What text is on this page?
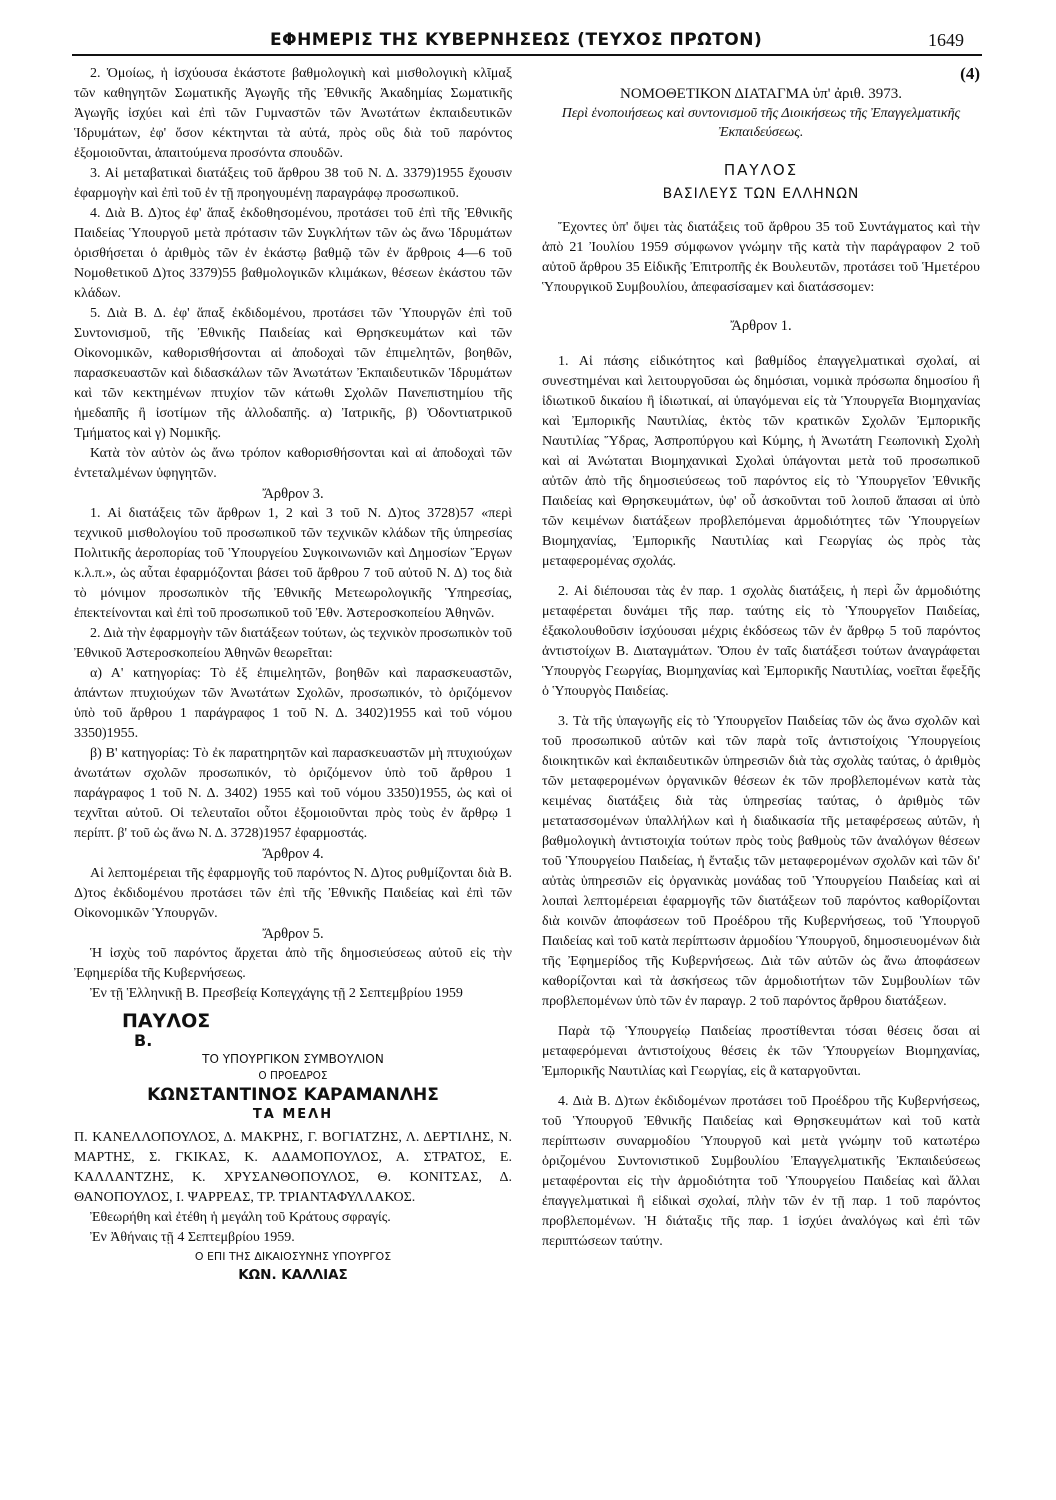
ΕΦΗΜΕΡΙΣ ΤΗΣ ΚΥΒΕΡΝΗΣΕΩΣ (ΤΕΥΧΟΣ ΠΡΩΤΟΝ)	1649

2. Ὁμοίως, ἡ ἰσχύουσα ἑκάστοτε βαθμολογικὴ καὶ μισθολογικὴ κλῖμαξ τῶν καθηγητῶν Σωματικῆς Ἀγωγῆς τῆς Ἐθνικῆς Ἀκαδημίας Σωματικῆς Ἀγωγῆς ἰσχύει καὶ ἐπὶ τῶν Γυμναστῶν τῶν Ἀνωτάτων ἐκπαιδευτικῶν Ἱδρυμάτων, ἐφ' ὅσον κέκτηνται τὰ αὐτά, πρὸς οὓς διὰ τοῦ παρόντος ἐξομοιοῦνται, ἀπαιτούμενα προσόντα σπουδῶν.

3. Αἱ μεταβατικαὶ διατάξεις τοῦ ἄρθρου 38 τοῦ Ν. Δ. 3379)1955 ἔχουσιν ἐφαρμογὴν καὶ ἐπὶ τοῦ ἐν τῇ προηγουμένῃ παραγράφῳ προσωπικοῦ.

4. Διὰ Β. Δ)τος ἐφ' ἅπαξ ἐκδοθησομένου, προτάσει τοῦ ἐπὶ τῆς Ἐθνικῆς Παιδείας Ὑπουργοῦ μετὰ πρότασιν τῶν Συγκλήτων τῶν ὡς ἄνω Ἱδρυμάτων ὁρισθήσεται ὁ ἀριθμὸς τῶν ἐν ἑκάστῳ βαθμῷ τῶν ἐν ἄρθροις 4—6 τοῦ Νομοθετικοῦ Δ)τος 3379)55 βαθμολογικῶν κλιμάκων, θέσεων ἑκάστου τῶν κλάδων.

5. Διὰ Β. Δ. ἐφ' ἅπαξ ἐκδιδομένου, προτάσει τῶν Ὑπουργῶν ἐπὶ τοῦ Συντονισμοῦ, τῆς Ἐθνικῆς Παιδείας καὶ Θρησκευμάτων καὶ τῶν Οἰκονομικῶν, καθορισθήσονται αἱ ἀποδοχαὶ τῶν ἐπιμελητῶν, βοηθῶν, παρασκευαστῶν καὶ διδασκάλων τῶν Ἀνωτάτων Ἐκπαιδευτικῶν Ἱδρυμάτων καὶ τῶν κεκτημένων πτυχίον τῶν κάτωθι Σχολῶν Πανεπιστημίου τῆς ἡμεδαπῆς ἢ ἰσοτίμων τῆς ἀλλοδαπῆς. α) Ἰατρικῆς, β) Ὀδοντιατρικοῦ Τμήματος καὶ γ) Νομικῆς.

Κατὰ τὸν αὐτὸν ὡς ἄνω τρόπον καθορισθήσονται καὶ αἱ ἀποδοχαὶ τῶν ἐντεταλμένων ὑφηγητῶν.

Ἄρθρον 3.

1. Αἱ διατάξεις τῶν ἄρθρων 1, 2 καὶ 3 τοῦ Ν. Δ)τος 3728)57 «περὶ τεχνικοῦ μισθολογίου τοῦ προσωπικοῦ τῶν τεχνικῶν κλάδων τῆς ὑπηρεσίας Πολιτικῆς ἀεροπορίας τοῦ Ὑπουργείου Συγκοινωνιῶν καὶ Δημοσίων Ἔργων κ.λ.π.», ὡς αὗται ἐφαρμόζονται βάσει τοῦ ἄρθρου 7 τοῦ αὐτοῦ Ν. Δ) τος διὰ τὸ μόνιμον προσωπικὸν τῆς Ἐθνικῆς Μετεωρολογικῆς Ὑπηρεσίας, ἐπεκτείνονται καὶ ἐπὶ τοῦ προσωπικοῦ τοῦ Ἐθν. Ἀστεροσκοπείου Ἀθηνῶν.

2. Διὰ τὴν ἐφαρμογὴν τῶν διατάξεων τούτων, ὡς τεχνικὸν προσωπικὸν τοῦ Ἐθνικοῦ Ἀστεροσκοπείου Ἀθηνῶν θεωρεῖται:

α) Α' κατηγορίας: Τὸ ἐξ ἐπιμελητῶν, βοηθῶν καὶ παρασκευαστῶν, ἁπάντων πτυχιούχων τῶν Ἀνωτάτων Σχολῶν, προσωπικόν, τὸ ὁριζόμενον ὑπὸ τοῦ ἄρθρου 1 παράγραφος 1 τοῦ Ν. Δ. 3402)1955 καὶ τοῦ νόμου 3350)1955.

β) Β' κατηγορίας: Τὸ ἐκ παρατηρητῶν καὶ παρασκευαστῶν μὴ πτυχιούχων ἀνωτάτων σχολῶν προσωπικόν, τὸ ὁριζόμενον ὑπὸ τοῦ ἄρθρου 1 παράγραφος 1 τοῦ Ν. Δ. 3402) 1955 καὶ τοῦ νόμου 3350)1955, ὡς καὶ οἱ τεχνῖται αὐτοῦ. Οἱ τελευταῖοι οὗτοι ἐξομοιοῦνται πρὸς τοὺς ἐν ἄρθρῳ 1 περίπτ. β' τοῦ ὡς ἄνω Ν. Δ. 3728)1957 ἐφαρμοστάς.

Ἄρθρον 4.

Αἱ λεπτομέρειαι τῆς ἐφαρμογῆς τοῦ παρόντος Ν. Δ)τος ρυθμίζονται διὰ Β. Δ)τος ἐκδιδομένου προτάσει τῶν ἐπὶ τῆς Ἐθνικῆς Παιδείας καὶ ἐπὶ τῶν Οἰκονομικῶν Ὑπουργῶν.

Ἄρθρον 5.

Ἡ ἰσχὺς τοῦ παρόντος ἄρχεται ἀπὸ τῆς δημοσιεύσεως αὐτοῦ εἰς τὴν Ἐφημερίδα τῆς Κυβερνήσεως.

Ἐν τῇ Ἑλληνικῇ Β. Πρεσβείᾳ Κοπεγχάγης τῇ 2 Σεπτεμβρίου 1959

ΠΑΥΛΟΣ

Β.

ΤΟ ΥΠΟΥΡΓΙΚΟΝ ΣΥΜΒΟΥΛΙΟΝ

Ο ΠΡΟΕΔΡΟΣ

ΚΩΝΣΤΑΝΤΙΝΟΣ ΚΑΡΑΜΑΝΛΗΣ

ΤΑ ΜΕΛΗ

Π. ΚΑΝΕΛΛΟΠΟΥΛΟΣ, Δ. ΜΑΚΡΗΣ, Γ. ΒΟΓΙΑΤΖΗΣ, Λ. ΔΕΡΤΙΛΗΣ, Ν. ΜΑΡΤΗΣ, Σ. ΓΚΙΚΑΣ, Κ. ΑΔΑΜΟΠΟΥΛΟΣ, Α. ΣΤΡΑΤΟΣ, Ε. ΚΑΛΛΑΝΤΖΗΣ, Κ. ΧΡΥΣΑΝΘΟΠΟΥΛΟΣ, Θ. ΚΟΝΙΤΣΑΣ, Δ. ΘΑΝΟΠΟΥΛΟΣ, Ι. ΨΑΡΡΕΑΣ, ΤΡ. ΤΡΙΑΝΤΑΦΥΛΛΑΚΟΣ.

Ἐθεωρήθη καὶ ἐτέθη ἡ μεγάλη τοῦ Κράτους σφραγίς.

Ἐν Ἀθήναις τῇ 4 Σεπτεμβρίου 1959.

Ο ΕΠΙ ΤΗΣ ΔΙΚΑΙΟΣΥΝΗΣ ΥΠΟΥΡΓΟΣ

ΚΩΝ. ΚΑΛΛΙΑΣ

(4)

ΝΟΜΟΘΕΤΙΚΟΝ ΔΙΑΤΑΓΜΑ ὑπ' ἀριθ. 3973.

Περὶ ἑνοποιήσεως καὶ συντονισμοῦ τῆς Διοικήσεως τῆς Ἐπαγγελματικῆς Ἐκπαιδεύσεως.

ΠΑΥΛΟΣ

ΒΑΣΙΛΕΥΣ ΤΩΝ ΕΛΛΗΝΩΝ

Ἔχοντες ὑπ' ὄψει τὰς διατάξεις τοῦ ἄρθρου 35 τοῦ Συντάγματος καὶ τὴν ἀπὸ 21 Ἰουλίου 1959 σύμφωνον γνώμην τῆς κατὰ τὴν παράγραφον 2 τοῦ αὐτοῦ ἄρθρου 35 Εἰδικῆς Ἐπιτροπῆς ἐκ Βουλευτῶν, προτάσει τοῦ Ἡμετέρου Ὑπουργικοῦ Συμβουλίου, ἀπεφασίσαμεν καὶ διατάσσομεν:

Ἄρθρον 1.

1. Αἱ πάσης εἰδικότητος καὶ βαθμίδος ἐπαγγελματικαὶ σχολαί, αἱ συνεστημέναι καὶ λειτουργοῦσαι ὡς δημόσιαι, νομικὰ πρόσωπα δημοσίου ἢ ἰδιωτικοῦ δικαίου ἢ ἰδιωτικαί, αἱ ὑπαγόμεναι εἰς τὰ Ὑπουργεῖα Βιομηχανίας καὶ Ἐμπορικῆς Ναυτιλίας, ἐκτὸς τῶν κρατικῶν Σχολῶν Ἐμπορικῆς Ναυτιλίας Ὕδρας, Ἀσπροπύργου καὶ Κύμης, ἡ Ἀνωτάτη Γεωπονικὴ Σχολὴ καὶ αἱ Ἀνώταται Βιομηχανικαὶ Σχολαὶ ὑπάγονται μετὰ τοῦ προσωπικοῦ αὐτῶν ἀπὸ τῆς δημοσιεύσεως τοῦ παρόντος εἰς τὸ Ὑπουργεῖον Ἐθνικῆς Παιδείας καὶ Θρησκευμάτων, ὑφ' οὗ ἀσκοῦνται τοῦ λοιποῦ ἅπασαι αἱ ὑπὸ τῶν κειμένων διατάξεων προβλεπόμεναι ἁρμοδιότητες τῶν Ὑπουργείων Βιομηχανίας, Ἐμπορικῆς Ναυτιλίας καὶ Γεωργίας ὡς πρὸς τὰς μεταφερομένας σχολάς.

2. Αἱ διέπουσαι τὰς ἐν παρ. 1 σχολὰς διατάξεις, ἡ περὶ ὧν ἁρμοδιότης μεταφέρεται δυνάμει τῆς παρ. ταύτης εἰς τὸ Ὑπουργεῖον Παιδείας, ἐξακολουθοῦσιν ἰσχύουσαι μέχρις ἐκδόσεως τῶν ἐν ἄρθρῳ 5 τοῦ παρόντος ἀντιστοίχων Β. Διαταγμάτων. Ὅπου ἐν ταῖς διατάξεσι τούτων ἀναγράφεται Ὑπουργὸς Γεωργίας, Βιομηχανίας καὶ Ἐμπορικῆς Ναυτιλίας, νοεῖται ἔφεξῆς ὁ Ὑπουργὸς Παιδείας.

3. Τὰ τῆς ὑπαγωγῆς εἰς τὸ Ὑπουργεῖον Παιδείας τῶν ὡς ἄνω σχολῶν καὶ τοῦ προσωπικοῦ αὐτῶν καὶ τῶν παρὰ τοῖς ἀντιστοίχοις Ὑπουργείοις διοικητικῶν καὶ ἐκπαιδευτικῶν ὑπηρεσιῶν διὰ τὰς σχολὰς ταύτας, ὁ ἀριθμὸς τῶν μεταφερομένων ὀργανικῶν θέσεων ἐκ τῶν προβλεπομένων κατὰ τὰς κειμένας διατάξεις διὰ τὰς ὑπηρεσίας ταύτας, ὁ ἀριθμὸς τῶν μετατασσομένων ὑπαλλήλων καὶ ἡ διαδικασία τῆς μεταφέρσεως αὐτῶν, ἡ βαθμολογικὴ ἀντιστοιχία τούτων πρὸς τοὺς βαθμοὺς τῶν ἀναλόγων θέσεων τοῦ Ὑπουργείου Παιδείας, ἡ ἔνταξις τῶν μεταφερομένων σχολῶν καὶ τῶν δι' αὐτὰς ὑπηρεσιῶν εἰς ὀργανικὰς μονάδας τοῦ Ὑπουργείου Παιδείας καὶ αἱ λοιπαὶ λεπτομέρειαι ἐφαρμογῆς τῶν διατάξεων τοῦ παρόντος καθορίζονται διὰ κοινῶν ἀποφάσεων τοῦ Προέδρου τῆς Κυβερνήσεως, τοῦ Ὑπουργοῦ Παιδείας καὶ τοῦ κατὰ περίπτωσιν ἁρμοδίου Ὑπουργοῦ, δημοσιευομένων διὰ τῆς Ἐφημερίδος τῆς Κυβερνήσεως. Διὰ τῶν αὐτῶν ὡς ἄνω ἀποφάσεων καθορίζονται καὶ τὰ ἀσκήσεως τῶν ἁρμοδιοτήτων τῶν Συμβουλίων τῶν προβλεπομένων ὑπὸ τῶν ἐν παραγρ. 2 τοῦ παρόντος ἄρθρου διατάξεων.

Παρὰ τῷ Ὑπουργείῳ Παιδείας προστίθενται τόσαι θέσεις ὅσαι αἱ μεταφερόμεναι ἀντιστοίχους θέσεις ἐκ τῶν Ὑπουργείων Βιομηχανίας, Ἐμπορικῆς Ναυτιλίας καὶ Γεωργίας, εἰς ἃ καταργοῦνται.

4. Διὰ Β. Δ)των ἐκδιδομένων προτάσει τοῦ Προέδρου τῆς Κυβερνήσεως, τοῦ Ὑπουργοῦ Ἐθνικῆς Παιδείας καὶ Θρησκευμάτων καὶ τοῦ κατὰ περίπτωσιν συναρμοδίου Ὑπουργοῦ καὶ μετὰ γνώμην τοῦ κατωτέρω ὁριζομένου Συντονιστικοῦ Συμβουλίου Ἐπαγγελματικῆς Ἐκπαιδεύσεως μεταφέρονται εἰς τὴν ἁρμοδιότητα τοῦ Ὑπουργείου Παιδείας καὶ ἄλλαι ἐπαγγελματικαὶ ἢ εἰδικαὶ σχολαί, πλὴν τῶν ἐν τῇ παρ. 1 τοῦ παρόντος προβλεπομένων. Ἡ διάταξις τῆς παρ. 1 ἰσχύει ἀναλόγως καὶ ἐπὶ τῶν περιπτώσεων ταύτην.
